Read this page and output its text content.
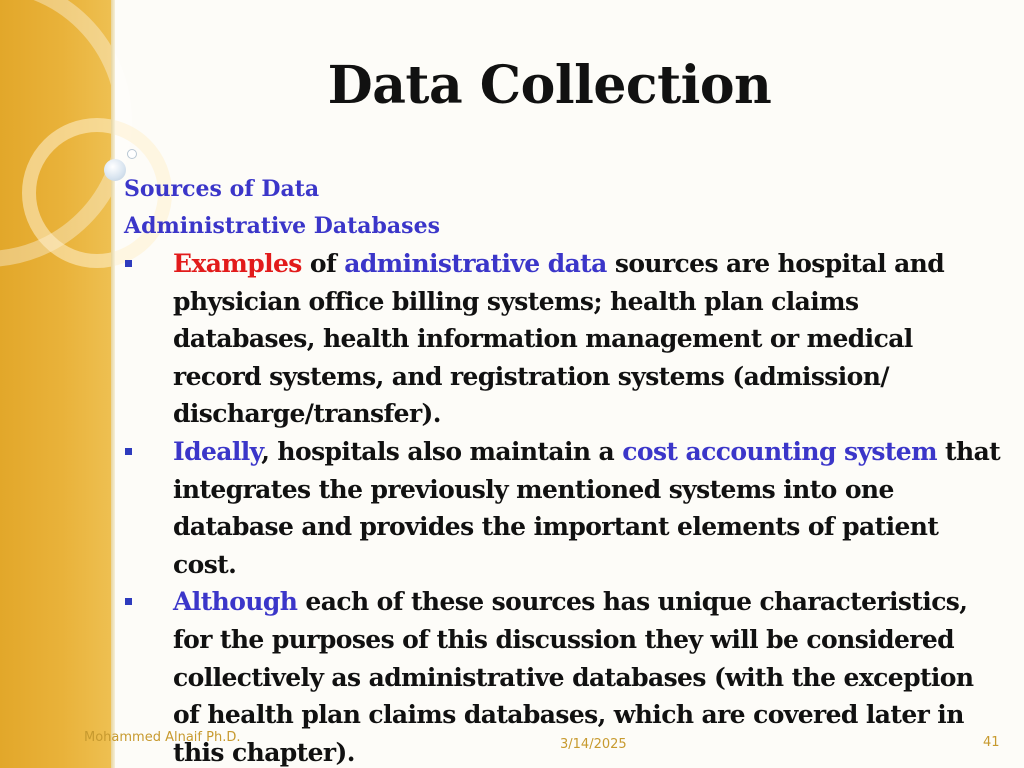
Data Collection

Sources of Data

Administrative Databases

Examples of administrative data sources are hospital and physician office billing systems; health plan claims databases, health information management or medical record systems, and registration systems (admission/ discharge/transfer).
Ideally, hospitals also maintain a cost accounting system that integrates the previously mentioned systems into one database and provides the important elements of patient cost.
Although each of these sources has unique characteristics, for the purposes of this discussion they will be considered collectively as administrative databases (with the exception of health plan claims databases, which are covered later in this chapter).
Mohammed Alnaif Ph.D.	3/14/2025	41
